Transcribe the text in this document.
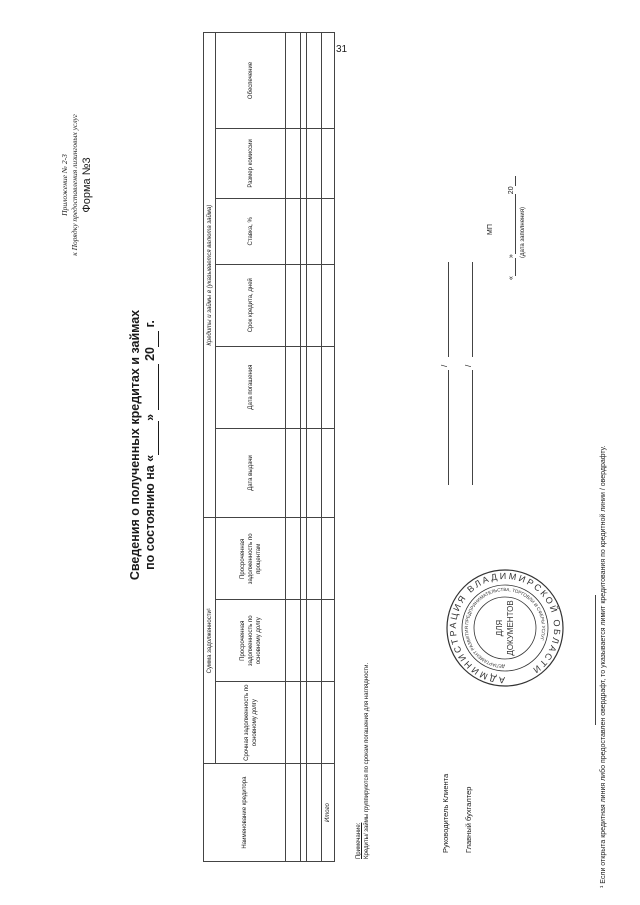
31
Приложение № 2-3 к Порядку предоставления лизинговых услуг Форма №3
Сведения о полученных кредитах и займах по состоянию на « »   20  г.
Наименование кредитора	Сумма задолженности¹			Кредиты и займы в (указывается валюта займа)					
	Срочная задолженность по основному долгу	Просроченная задолженность по основному долгу	Просроченная задолженность по процентам	Дата выдачи	Дата погашения	Срок кредита, дней	Ставка, %	Размер комиссии	Обеспечение

Итого									
Примечание: Кредиты/ займы группируются по срокам погашения для наглядности.	Руководитель Клиента Главный бухгалтер
/ /
МП
« » 20
(дата заполнения)
АДМИНИСТРАЦИЯ ВЛАДИМИРСКОЙ ОБЛАСТИ
ДЕПАРТАМЕНТ РАЗВИТИЯ ПРЕДПРИНИМАТЕЛЬСТВА, ТОРГОВЛИ И СФЕРЫ УСЛУГ
ДЛЯ ДОКУМЕНТОВ	¹ Если открыта кредитная линия либо предоставлен овердрафт, то указывается лимит кредитования по кредитной линии / овердрафту.
